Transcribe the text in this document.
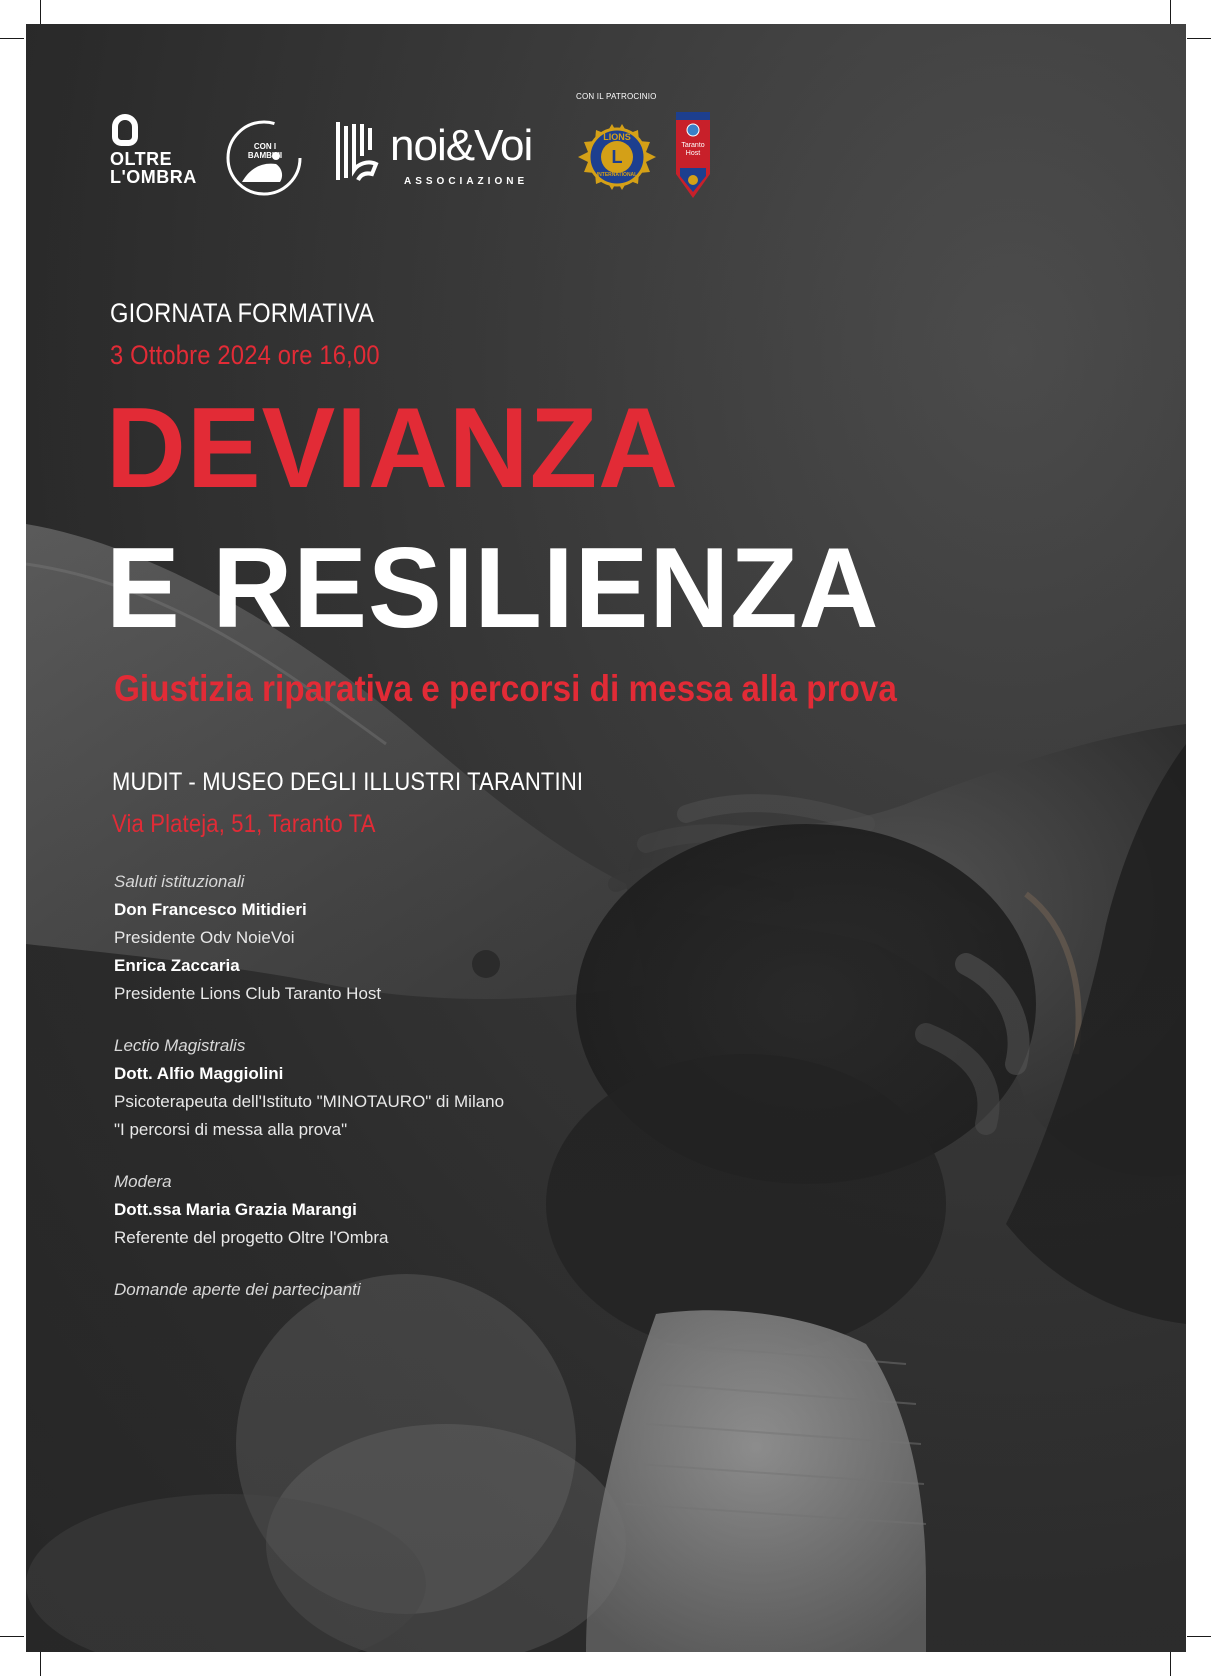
OLTRE
L'OMBRA
CON I BAMBINI noi&Voi
ASSOCIAZIONE
CON IL PATROCINIO
LIONS
L
INTERNATIONAL
Taranto
Host
GIORNATA FORMATIVA
3 Ottobre 2024 ore 16,00
DEVIANZA
E RESILIENZA
Giustizia riparativa e percorsi di messa alla prova
MUDIT - MUSEO DEGLI ILLUSTRI TARANTINI
Via Plateja, 51, Taranto TA
Saluti istituzionali
Don Francesco Mitidieri
Presidente Odv NoieVoi
Enrica Zaccaria
Presidente Lions Club Taranto Host
Lectio Magistralis
Dott. Alfio Maggiolini
Psicoterapeuta dell'Istituto "MINOTAURO" di Milano
"I percorsi di messa alla prova"
Modera
Dott.ssa Maria Grazia Marangi
Referente del progetto Oltre l'Ombra
Domande aperte dei partecipanti
